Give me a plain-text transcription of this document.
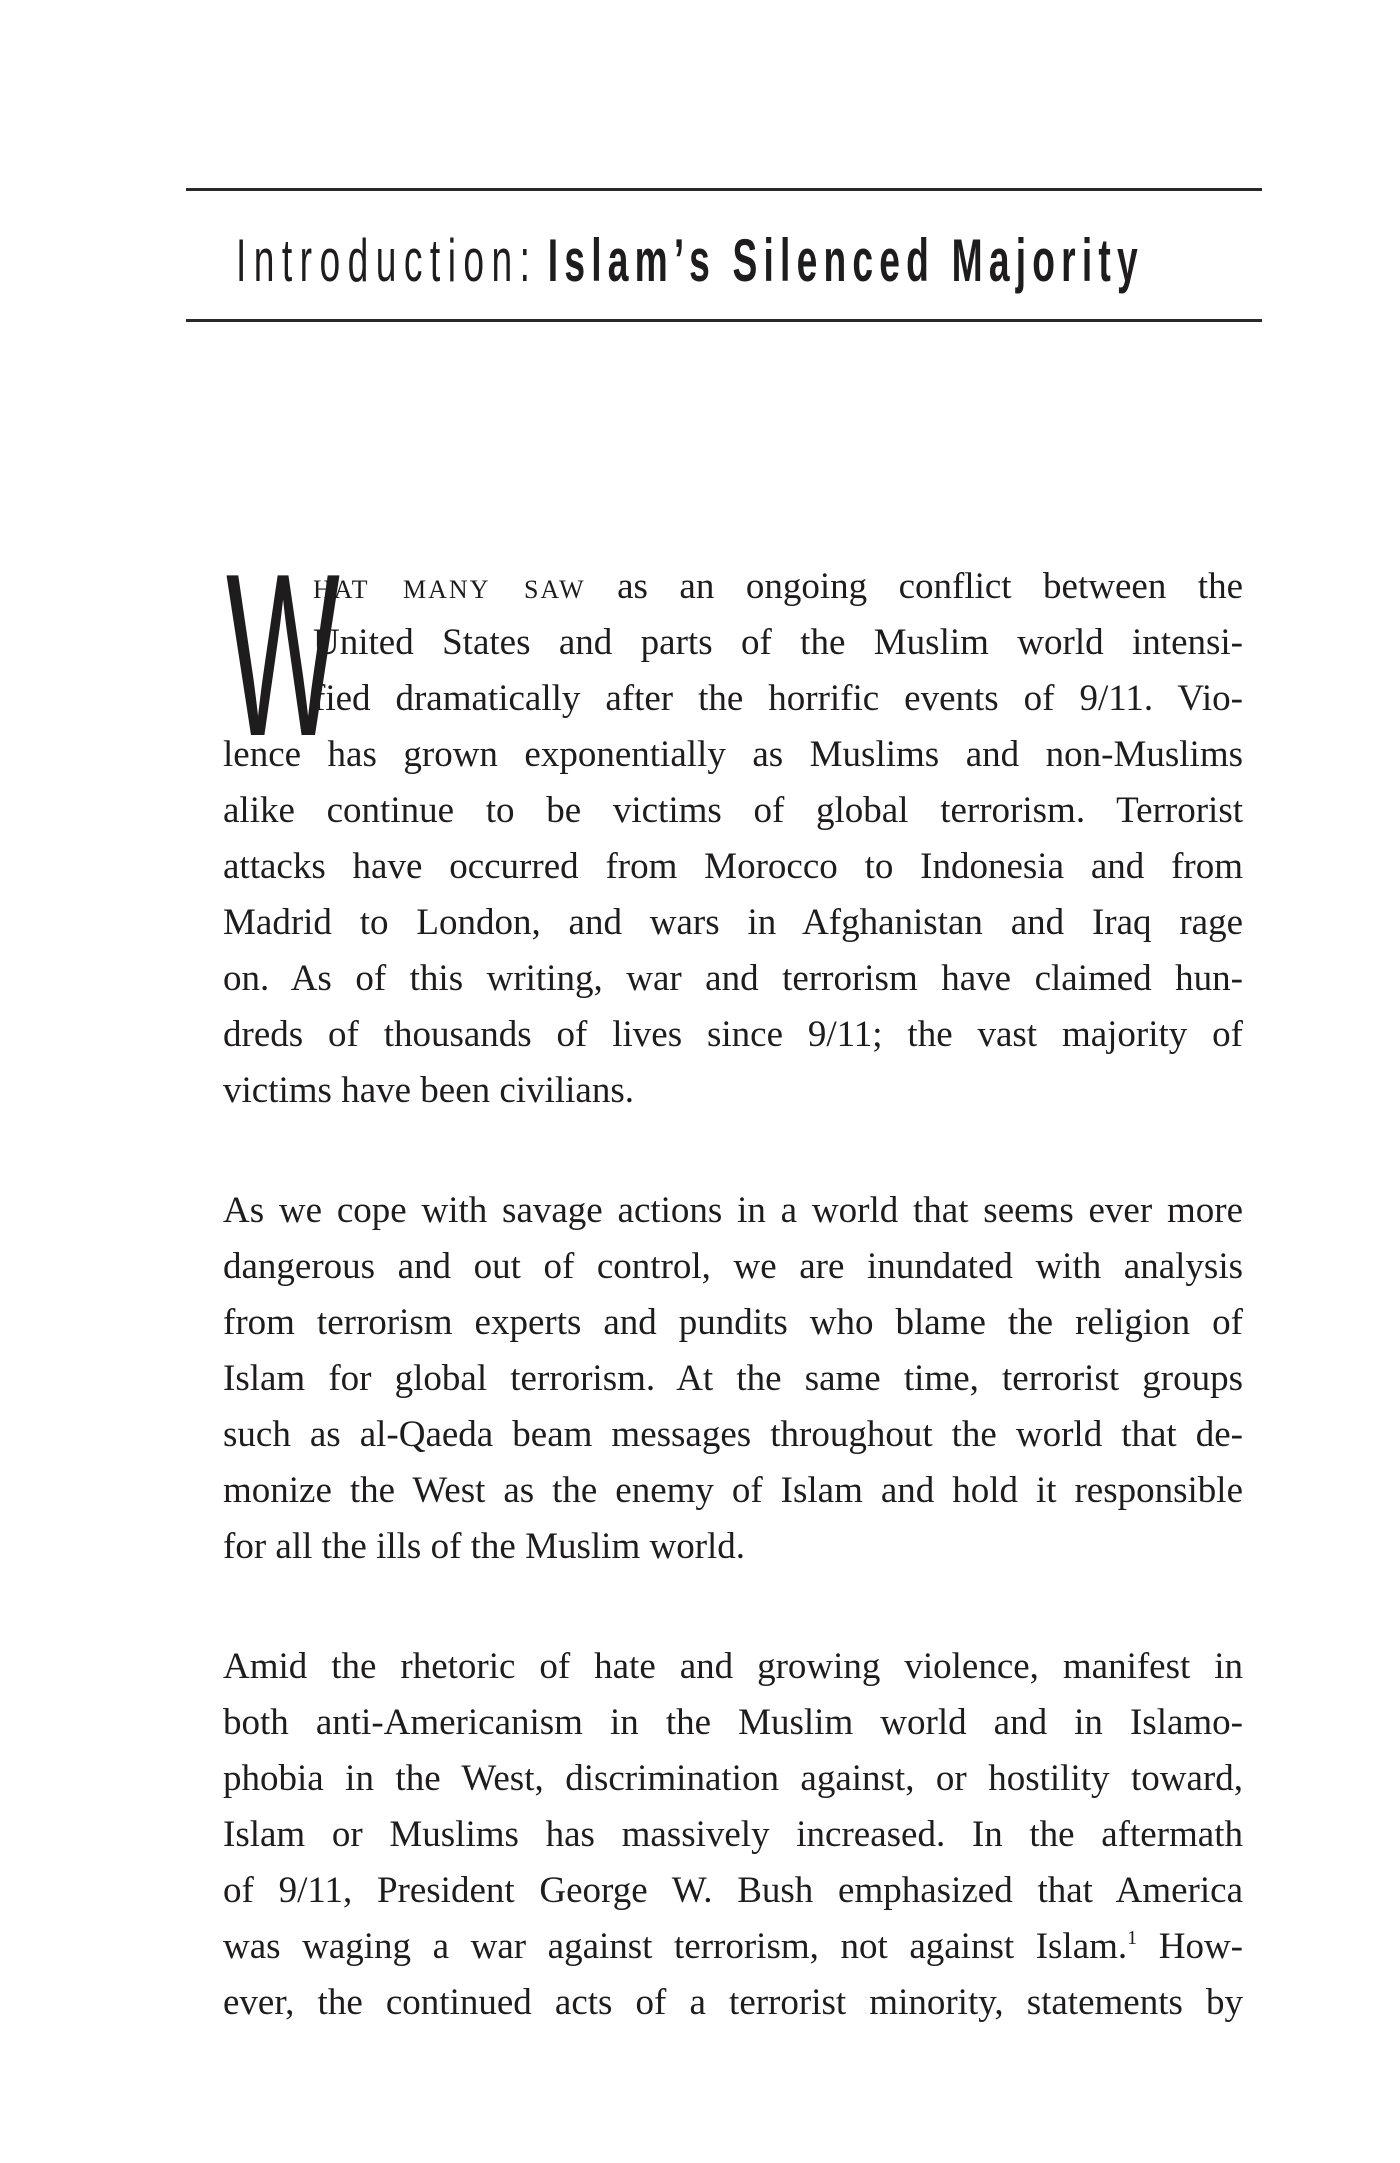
Introduction: Islam’s Silenced Majority
W
hat many saw as an ongoing conflict between the
United States and parts of the Muslim world intensi-
fied dramatically after the horrific events of 9/11. Vio-
lence has grown exponentially as Muslims and non-Muslims
alike continue to be victims of global terrorism. Terrorist
attacks have occurred from Morocco to Indonesia and from
Madrid to London, and wars in Afghanistan and Iraq rage
on. As of this writing, war and terrorism have claimed hun-
dreds of thousands of lives since 9/11; the vast majority of
victims have been civilians.
As we cope with savage actions in a world that seems ever more
dangerous and out of control, we are inundated with analysis
from terrorism experts and pundits who blame the religion of
Islam for global terrorism. At the same time, terrorist groups
such as al-Qaeda beam messages throughout the world that de-
monize the West as the enemy of Islam and hold it responsible
for all the ills of the Muslim world.
Amid the rhetoric of hate and growing violence, manifest in
both anti-Americanism in the Muslim world and in Islamo-
phobia in the West, discrimination against, or hostility toward,
Islam or Muslims has massively increased. In the aftermath
of 9/11, President George W. Bush emphasized that America
was waging a war against terrorism, not against Islam.$^1$ How-
ever, the continued acts of a terrorist minority, statements by
